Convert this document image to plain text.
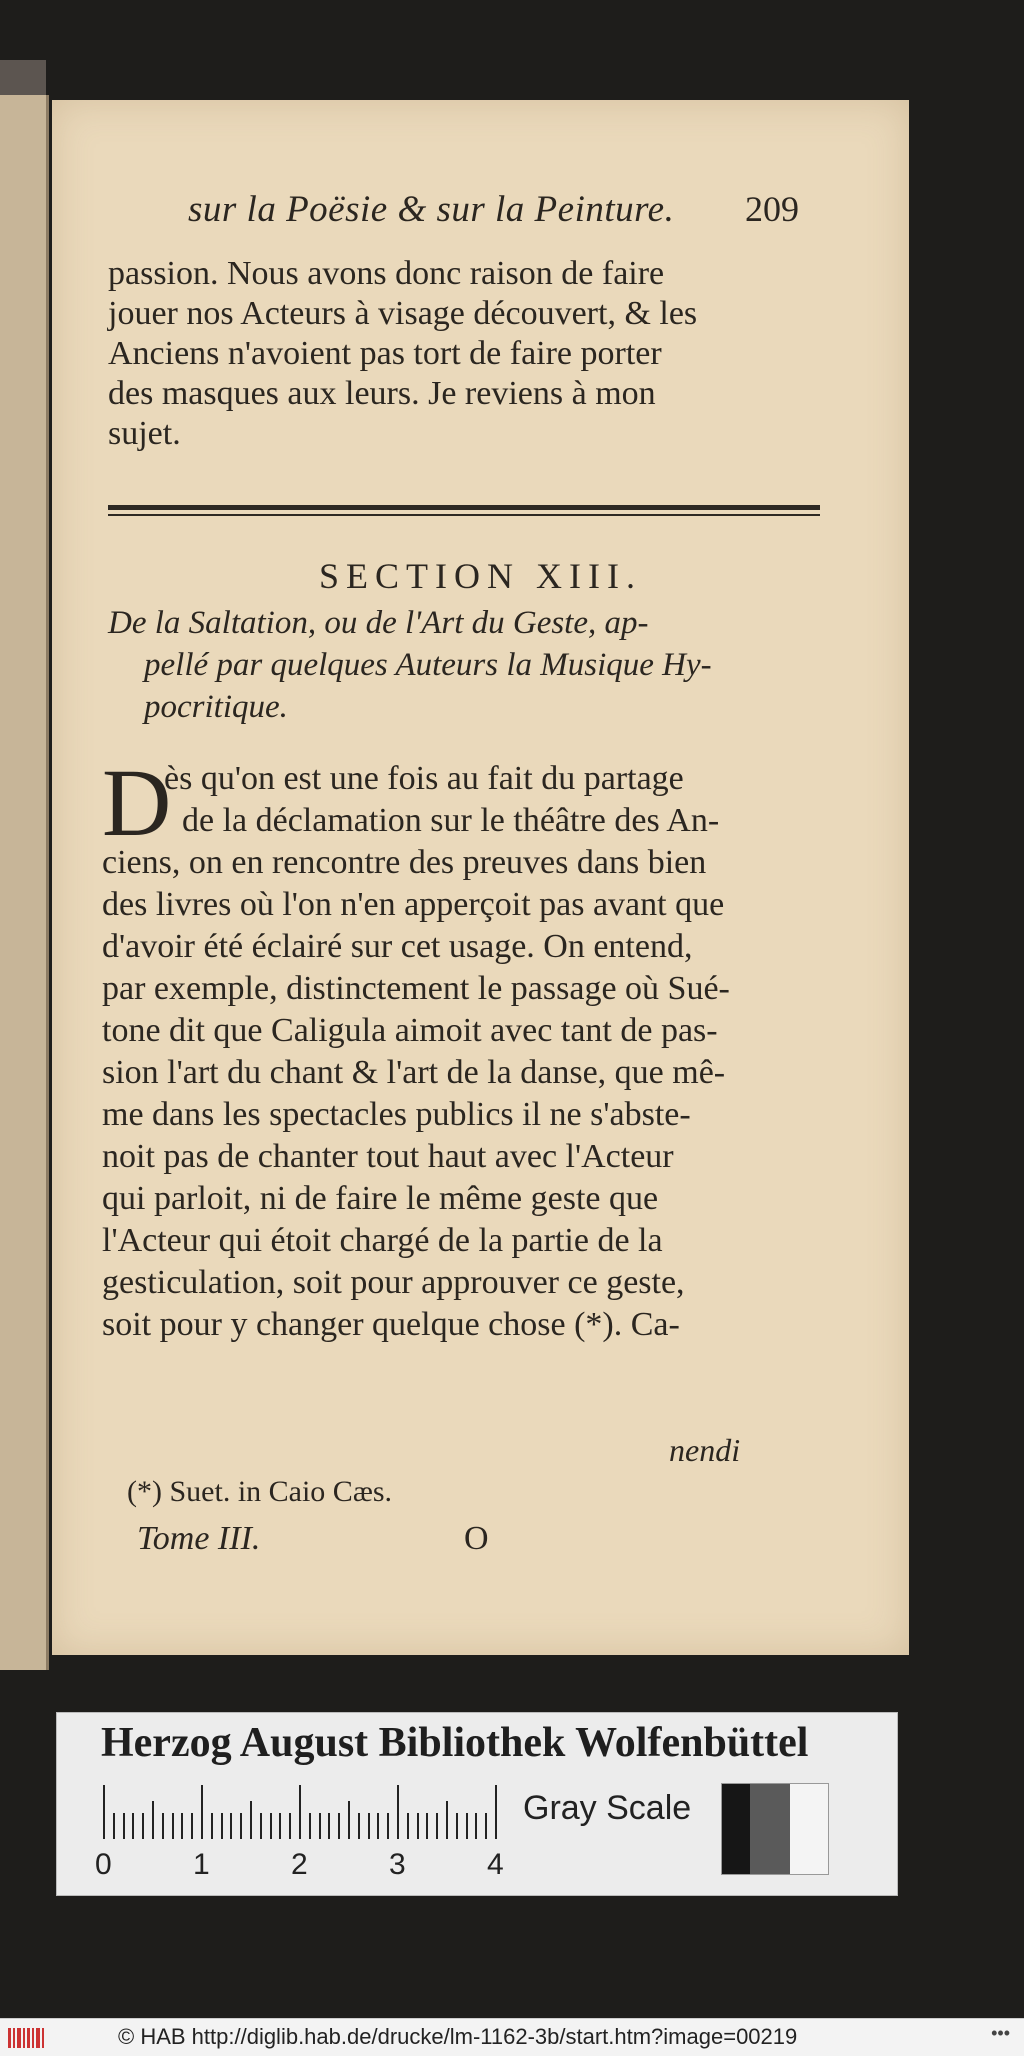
sur la Poësie & sur la Peinture. 209
passion. Nous avons donc raison de faire
jouer nos Acteurs à visage découvert, & les
Anciens n'avoient pas tort de faire porter
des masques aux leurs. Je reviens à mon
sujet.
SECTION XIII.
De la Saltation, ou de l'Art du Geste, ap-
pellé par quelques Auteurs la Musique Hy-
pocritique.
D
ès qu'on est une fois au fait du partage
de la déclamation sur le théâtre des An-
ciens, on en rencontre des preuves dans bien
des livres où l'on n'en apperçoit pas avant que
d'avoir été éclairé sur cet usage. On entend,
par exemple, distinctement le passage où Sué-
tone dit que Caligula aimoit avec tant de pas-
sion l'art du chant & l'art de la danse, que mê-
me dans les spectacles publics il ne s'abste-
noit pas de chanter tout haut avec l'Acteur
qui parloit, ni de faire le même geste que
l'Acteur qui étoit chargé de la partie de la
gesticulation, soit pour approuver ce geste,
soit pour y changer quelque chose (*). Ca-
nendi
(*) Suet. in Caio Cæs.
Tome III.	O
Herzog August Bibliothek Wolfenbüttel
0	1	2	3	4
Gray Scale
© HAB http://diglib.hab.de/drucke/lm-1162-3b/start.htm?image=00219	•••
